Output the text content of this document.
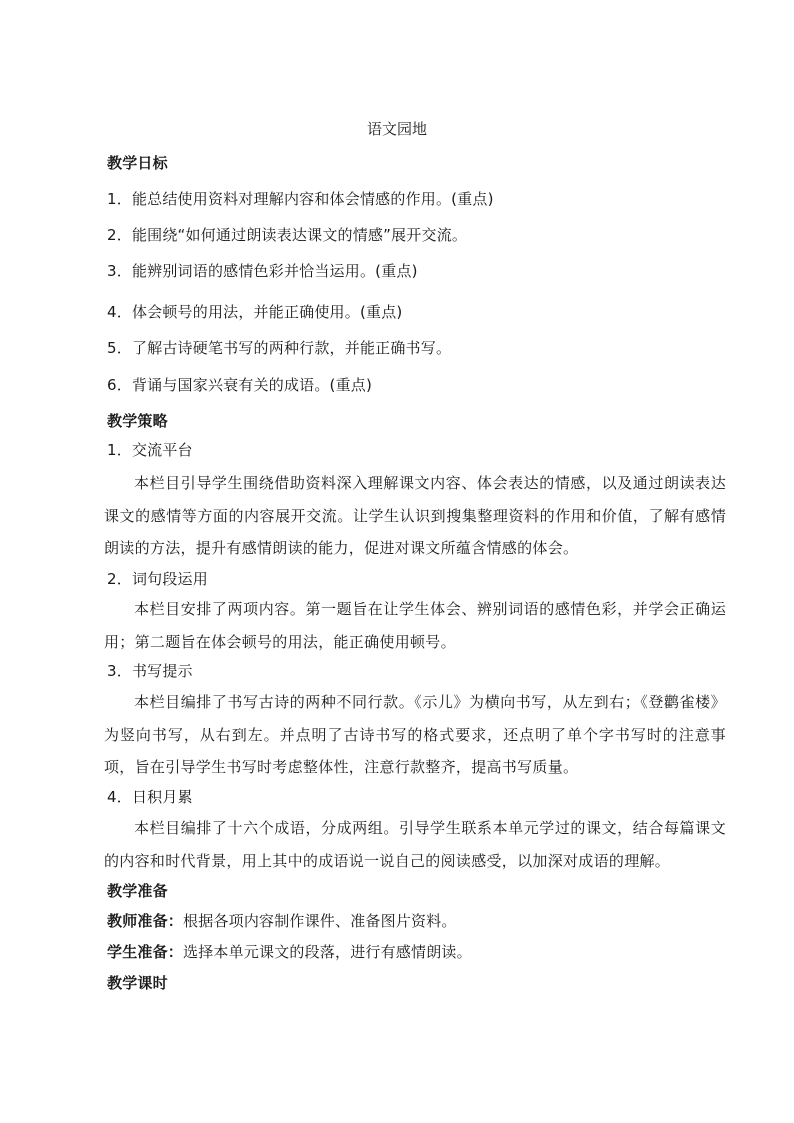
语文园地
教学日标
1．能总结使用资料对理解内容和体会情感的作用。(重点)
2．能围绕“如何通过朗读表达课文的情感”展开交流。
3．能辨别词语的感情色彩并恰当运用。(重点)
4．体会顿号的用法，并能正确使用。(重点)
5．了解古诗硬笔书写的两种行款，并能正确书写。
6．背诵与国家兴衰有关的成语。(重点)
教学策略
1．交流平台
本栏目引导学生围绕借助资料深入理解课文内容、体会表达的情感，以及通过朗读表达课文的感情等方面的内容展开交流。让学生认识到搜集整理资料的作用和价值，了解有感情朗读的方法，提升有感情朗读的能力，促进对课文所蕴含情感的体会。
2．词句段运用
本栏目安排了两项内容。第一题旨在让学生体会、辨别词语的感情色彩，并学会正确运用；第二题旨在体会顿号的用法，能正确使用顿号。
3．书写提示
本栏目编排了书写古诗的两种不同行款。《示儿》为横向书写，从左到右；《登鹳雀楼》为竖向书写，从右到左。并点明了古诗书写的格式要求，还点明了单个字书写时的注意事项，旨在引导学生书写时考虑整体性，注意行款整齐，提高书写质量。
4．日积月累
本栏目编排了十六个成语，分成两组。引导学生联系本单元学过的课文，结合每篇课文的内容和时代背景，用上其中的成语说一说自己的阅读感受，以加深对成语的理解。
教学准备
教师准备：根据各项内容制作课件、准备图片资料。
学生准备：选择本单元课文的段落，进行有感情朗读。
教学课时
